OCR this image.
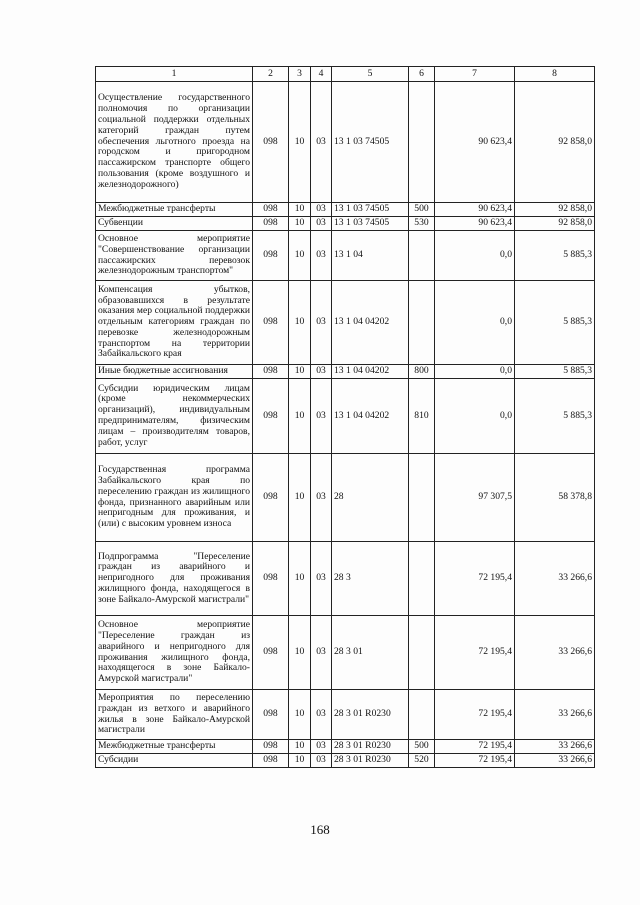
1	2	3	4	5	6	7	8
Осуществление государственного полномочия по организации социальной поддержки отдельных категорий граждан путем обеспечения льготного проезда на городском и пригородном пассажирском транспорте общего пользования (кроме воздушного и железнодорожного)	098	10	03	13 1 03 74505		90 623,4	92 858,0
Межбюджетные трансферты	098	10	03	13 1 03 74505	500	90 623,4	92 858,0
Субвенции	098	10	03	13 1 03 74505	530	90 623,4	92 858,0
Основное мероприятие "Совершенствование организации пассажирских перевозок железнодорожным транспортом"	098	10	03	13 1 04		0,0	5 885,3
Компенсация убытков, образовавшихся в результате оказания мер социальной поддержки отдельным категориям граждан по перевозке железнодорожным транспортом на территории Забайкальского края	098	10	03	13 1 04 04202		0,0	5 885,3
Иные бюджетные ассигнования	098	10	03	13 1 04 04202	800	0,0	5 885,3
Субсидии юридическим лицам (кроме некоммерческих организаций), индивидуальным предпринимателям, физическим лицам – производителям товаров, работ, услуг	098	10	03	13 1 04 04202	810	0,0	5 885,3
Государственная программа Забайкальского края по переселению граждан из жилищного фонда, признанного аварийным или непригодным для проживания, и (или) с высоким уровнем износа	098	10	03	28		97 307,5	58 378,8
Подпрограмма "Переселение граждан из аварийного и непригодного для проживания жилищного фонда, находящегося в зоне Байкало-Амурской магистрали"	098	10	03	28 3		72 195,4	33 266,6
Основное мероприятие "Переселение граждан из аварийного и непригодного для проживания жилищного фонда, находящегося в зоне Байкало-Амурской магистрали"	098	10	03	28 3 01		72 195,4	33 266,6
Мероприятия по переселению граждан из ветхого и аварийного жилья в зоне Байкало-Амурской магистрали	098	10	03	28 3 01 R0230		72 195,4	33 266,6
Межбюджетные трансферты	098	10	03	28 3 01 R0230	500	72 195,4	33 266,6
Субсидии	098	10	03	28 3 01 R0230	520	72 195,4	33 266,6
168
